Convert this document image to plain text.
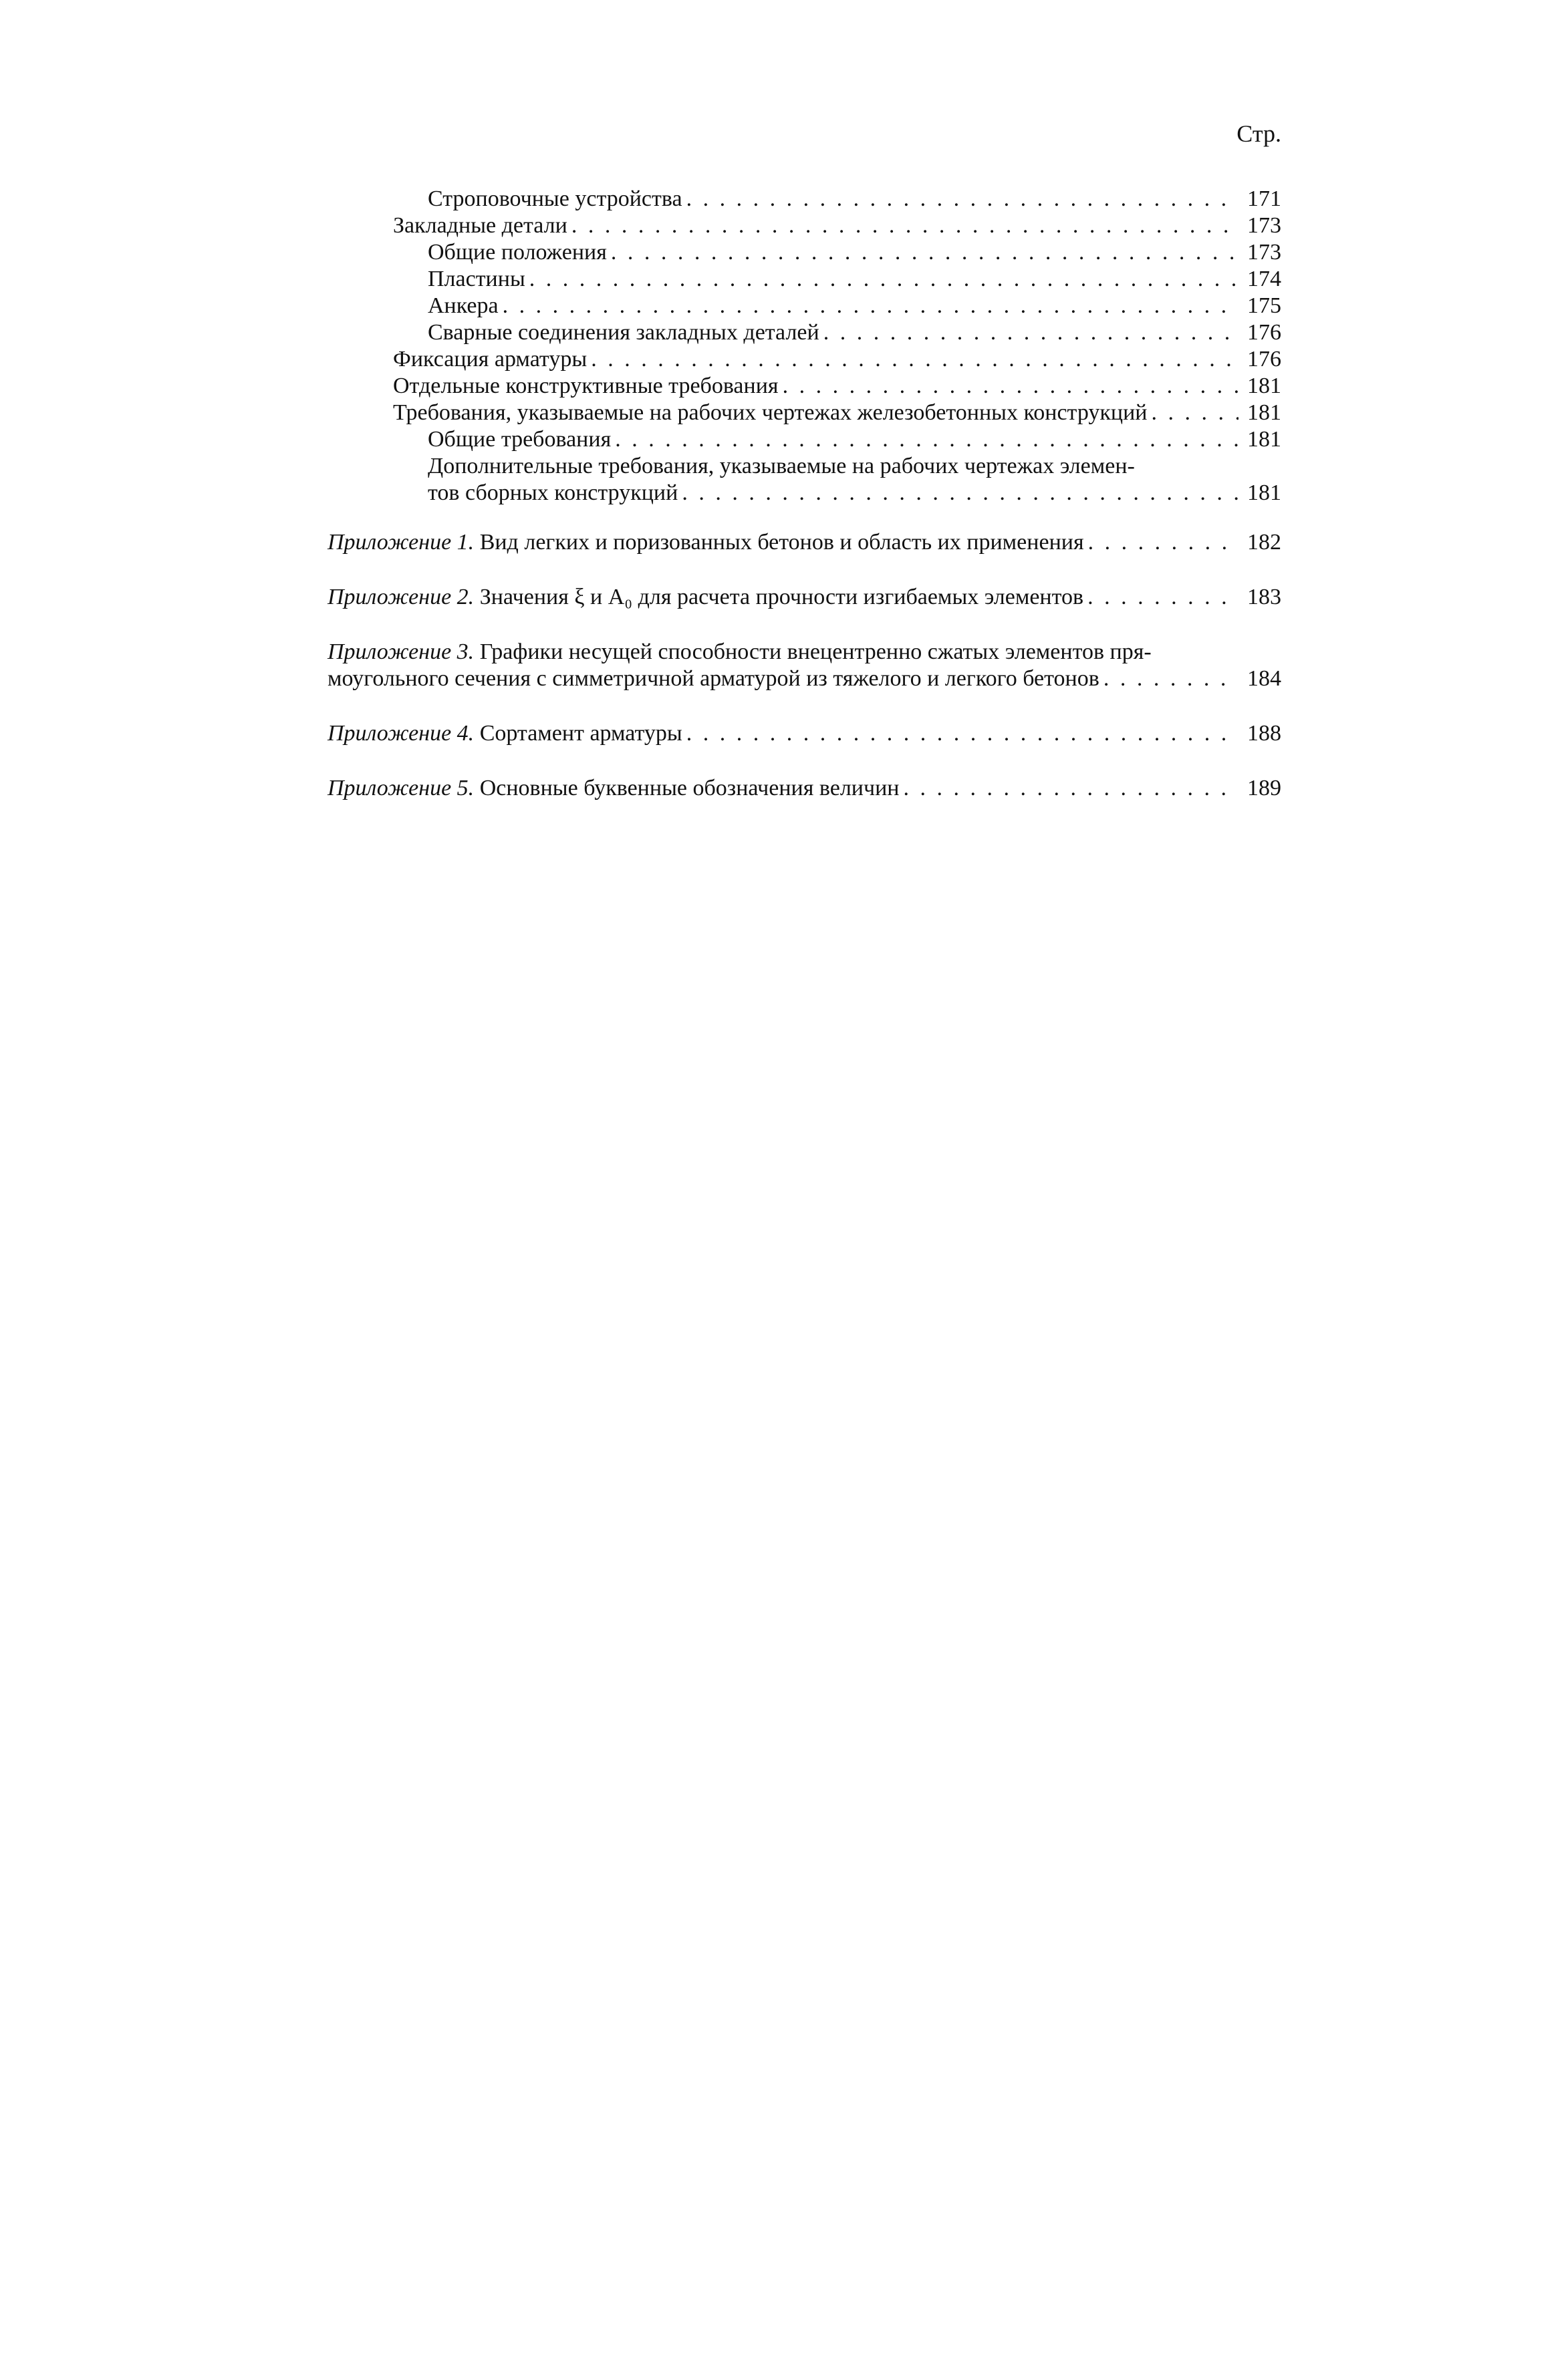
Стр.
Строповочные устройства . . .	171
Закладные детали . . .	173
Общие положения . . .	173
Пластины . . .	174
Анкера . . .	175
Сварные соединения закладных деталей . . .	176
Фиксация арматуры . . .	176
Отдельные конструктивные требования . . .	181
Требования, указываемые на рабочих чертежах железобетонных конструкций . . .	181
Общие требования . . .	181
Дополнительные требования, указываемые на рабочих чертежах элемен-
тов сборных конструкций . . .	181
Приложение 1. Вид легких и поризованных бетонов и область их применения . . .	182
Приложение 2. Значения ξ и A₀ для расчета прочности изгибаемых элементов . . .	183
Приложение 3. Графики несущей способности внецентренно сжатых элементов пря-
моугольного сечения с симметричной арматурой из тяжелого и легкого бетонов . . .	184
Приложение 4. Сортамент арматуры . . .	188
Приложение 5. Основные буквенные обозначения величин . . .	189
